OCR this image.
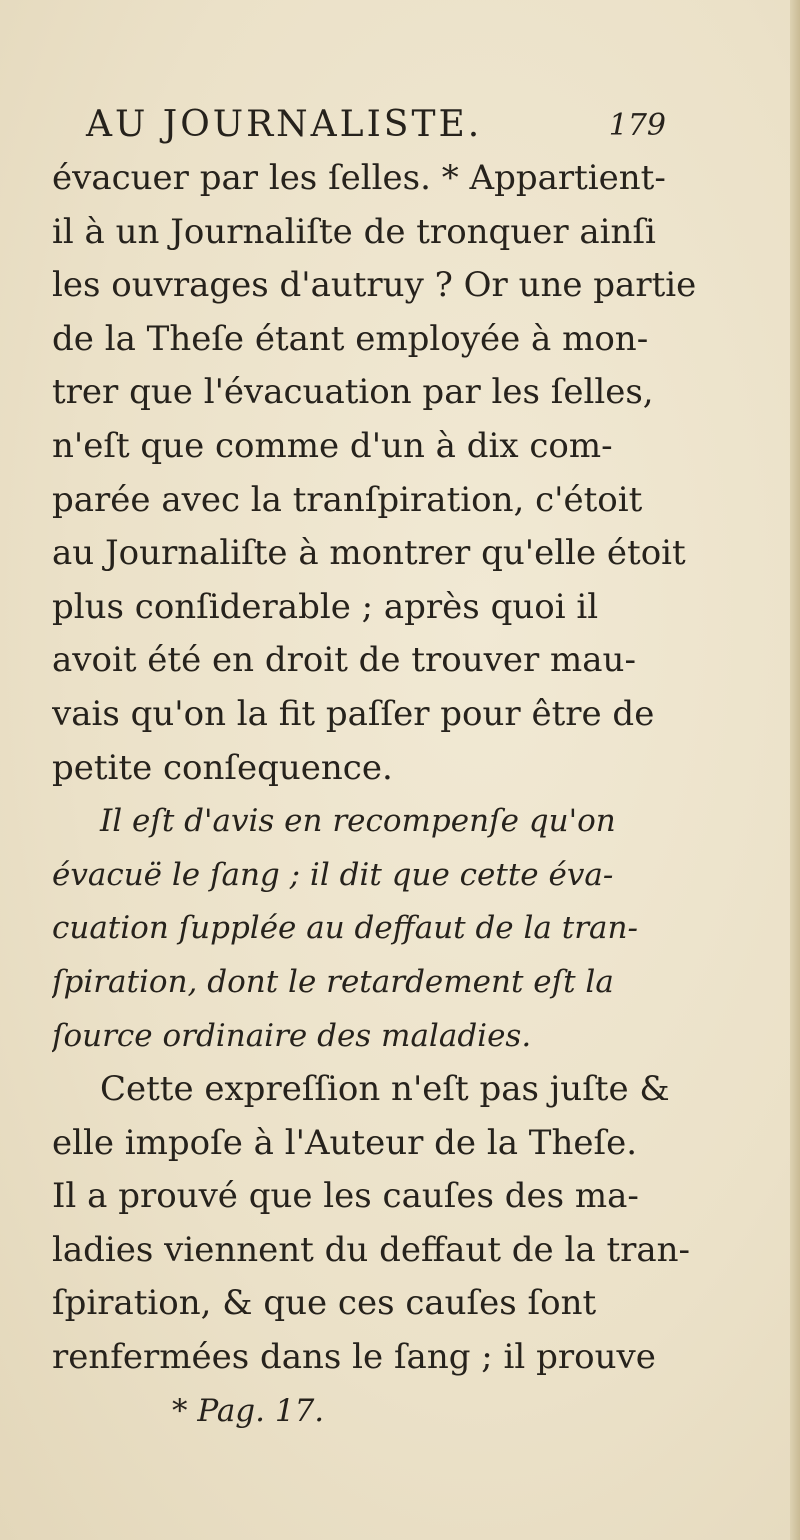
AU JOURNALISTE.	179
évacuer par les ſelles. * Appartient-
il à un Journaliſte de tronquer ainſi
les ouvrages d'autruy ? Or une partie
de la Theſe étant employée à mon-
trer que l'évacuation par les ſelles,
n'eſt que comme d'un à dix com-
parée avec la tranſpiration, c'étoit
au Journaliſte à montrer qu'elle étoit
plus conſiderable ; après quoi il
avoit été en droit de trouver mau-
vais qu'on la fit paſſer pour être de
petite conſequence.
Il eſt d'avis en recompenſe qu'on
évacuë le ſang ; il dit que cette éva-
cuation ſupplée au deffaut de la tran-
ſpiration, dont le retardement eſt la
ſource ordinaire des maladies.
Cette expreſſion n'eſt pas juſte &
elle impoſe à l'Auteur de la Theſe.
Il a prouvé que les cauſes des ma-
ladies viennent du deffaut de la tran-
ſpiration, & que ces cauſes ſont
renfermées dans le ſang ; il prouve
* Pag. 17.
